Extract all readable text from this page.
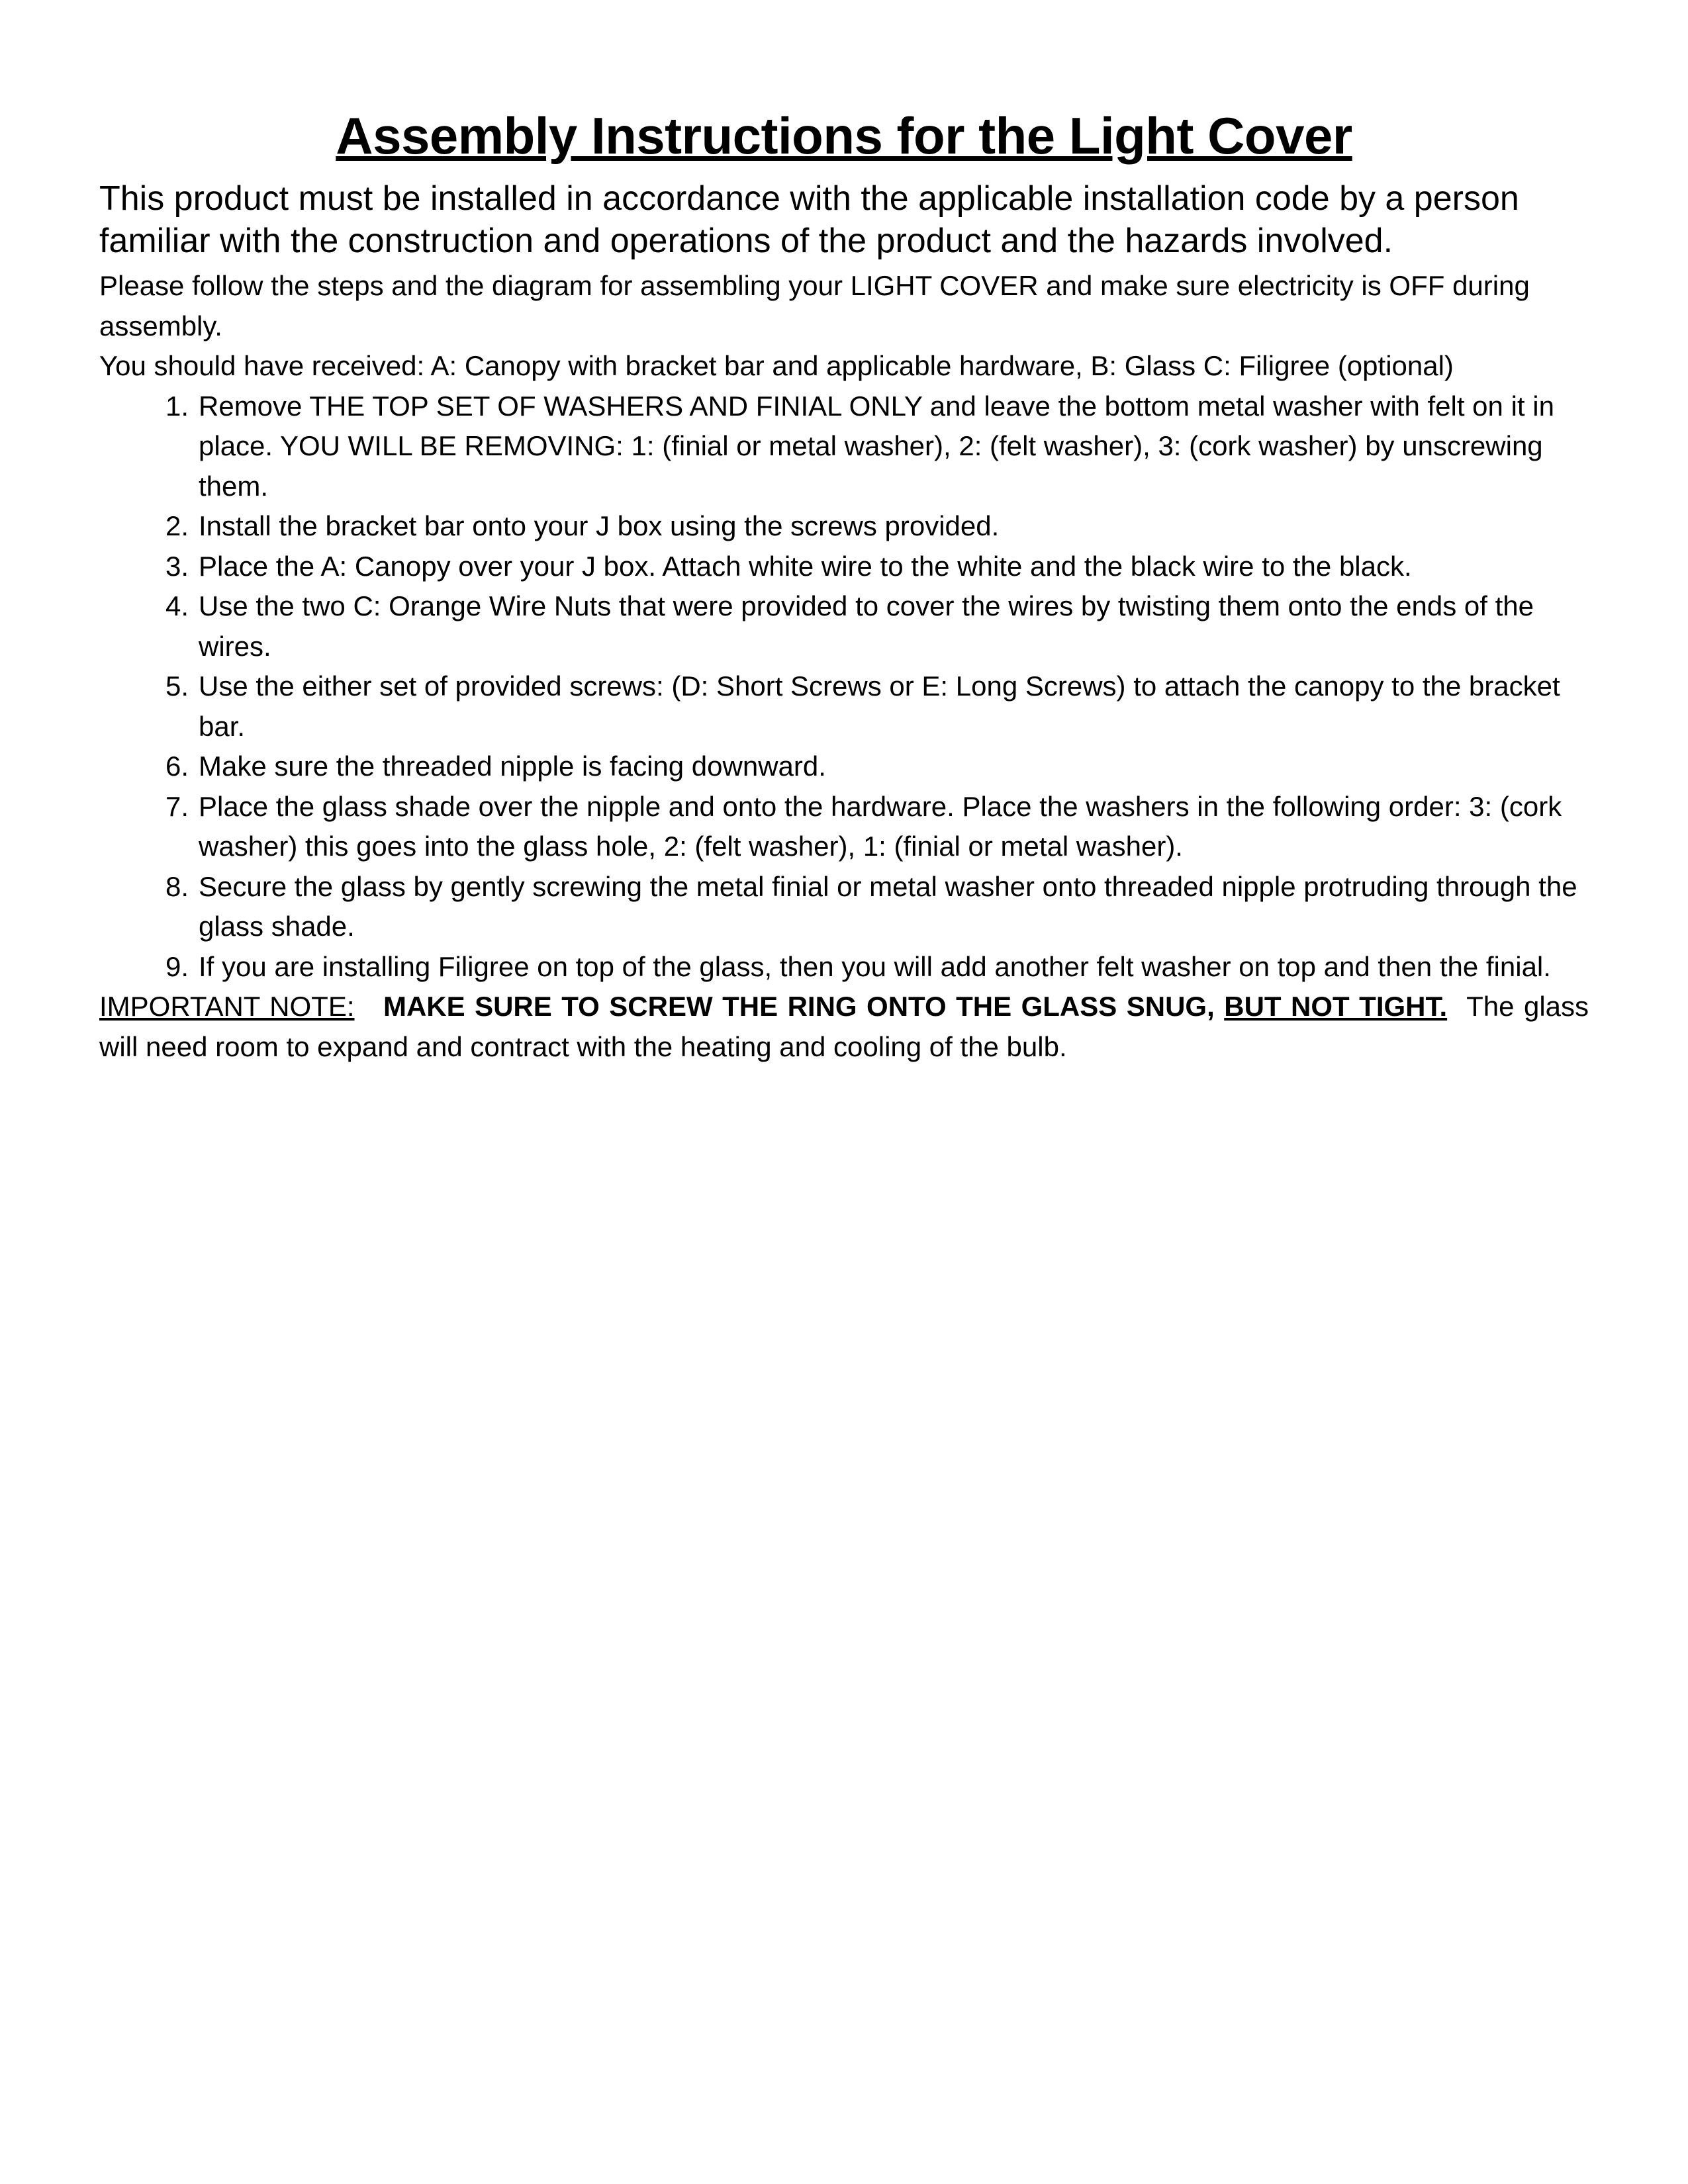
Assembly Instructions for the Light Cover

This product must be installed in accordance with the applicable installation code by a person familiar with the construction and operations of the product and the hazards involved.

Please follow the steps and the diagram for assembling your LIGHT COVER and make sure electricity is OFF during assembly.

You should have received: A: Canopy with bracket bar and applicable hardware, B: Glass C: Filigree (optional)

1. Remove THE TOP SET OF WASHERS AND FINIAL ONLY and leave the bottom metal washer with felt on it in place. YOU WILL BE REMOVING: 1: (finial or metal washer), 2: (felt washer), 3: (cork washer) by unscrewing them.
2. Install the bracket bar onto your J box using the screws provided.
3. Place the A: Canopy over your J box. Attach white wire to the white and the black wire to the black.
4. Use the two C: Orange Wire Nuts that were provided to cover the wires by twisting them onto the ends of the wires.
5. Use the either set of provided screws: (D: Short Screws or E: Long Screws) to attach the canopy to the bracket bar.
6. Make sure the threaded nipple is facing downward.
7. Place the glass shade over the nipple and onto the hardware. Place the washers in the following order: 3: (cork washer) this goes into the glass hole, 2: (felt washer), 1: (finial or metal washer).
8. Secure the glass by gently screwing the metal finial or metal washer onto threaded nipple protruding through the glass shade.
9. If you are installing Filigree on top of the glass, then you will add another felt washer on top and then the finial.

IMPORTANT NOTE: MAKE SURE TO SCREW THE RING ONTO THE GLASS SNUG, BUT NOT TIGHT. The glass will need room to expand and contract with the heating and cooling of the bulb.
